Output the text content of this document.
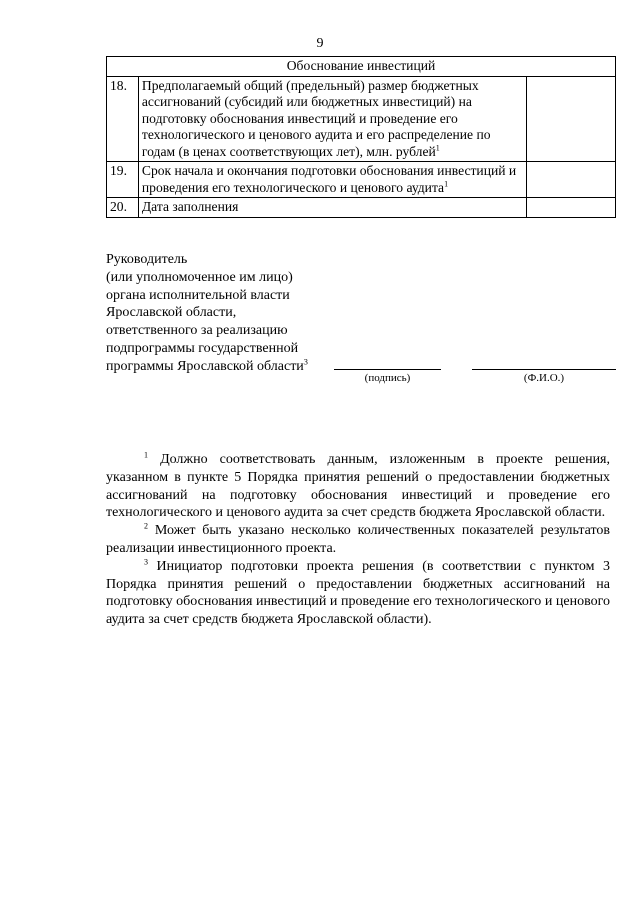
9
Обоснование инвестиций		
18.	Предполагаемый общий (предельный) размер бюджетных ассигнований (субсидий или бюджетных инвестиций) на подготовку обоснования инвестиций и проведение его технологического и ценового аудита и его распределение по годам (в ценах соответствующих лет), млн. рублей$^1$	
19.	Срок начала и окончания подготовки обоснования инвестиций и проведения его технологического и ценового аудита$^1$	
20.	Дата заполнения	
Руководитель
(или уполномоченное им лицо)
органа исполнительной власти
Ярославской области,
ответственного за реализацию
подпрограммы государственной
программы Ярославской области$^3$
(подпись)	(Ф.И.О.)

$^1$ Должно соответствовать данным, изложенным в проекте решения, указанном в пункте 5 Порядка принятия решений о предоставлении бюджетных ассигнований на подготовку обоснования инвестиций и проведение его технологического и ценового аудита за счет средств бюджета Ярославской области.

$^2$ Может быть указано несколько количественных показателей результатов реализации инвестиционного проекта.

$^3$ Инициатор подготовки проекта решения (в соответствии с пунктом 3 Порядка принятия решений о предоставлении бюджетных ассигнований на подготовку обоснования инвестиций и проведение его технологического и ценового аудита за счет средств бюджета Ярославской области).
